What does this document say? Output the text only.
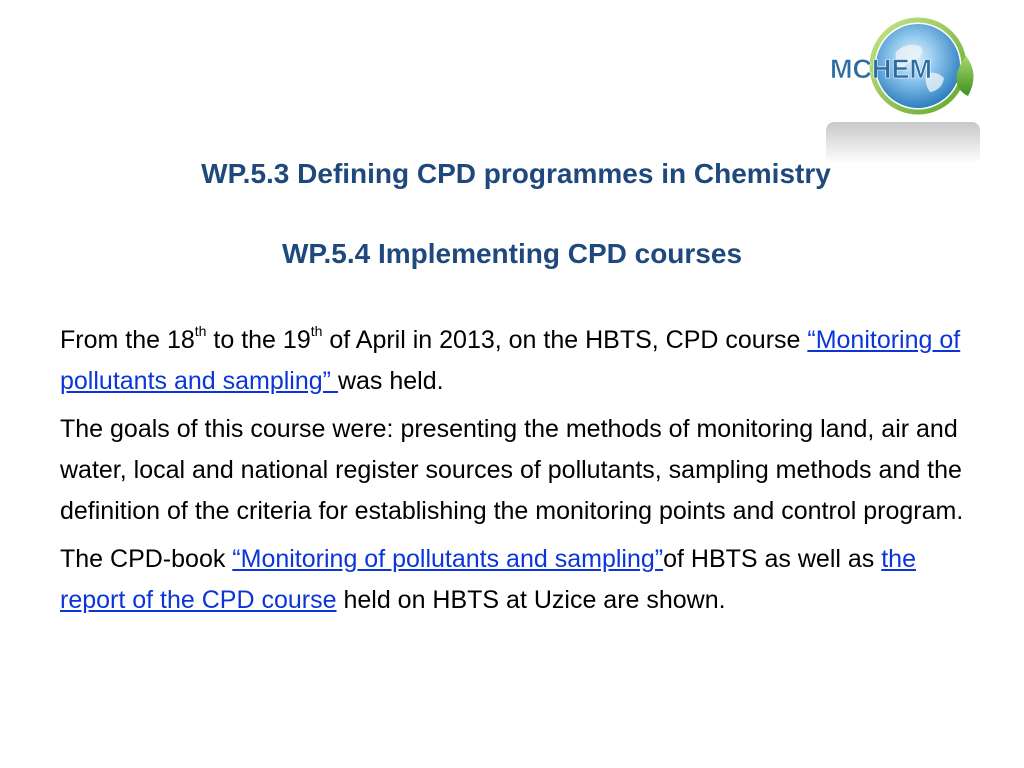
MCHEM
WP.5.3 Defining CPD programmes in Chemistry
WP.5.4 Implementing CPD courses

From the 18th to the 19th of April in 2013, on the HBTS, CPD course “Monitoring of pollutants and sampling” was held.

The goals of this course were: presenting the methods of monitoring land, air and water, local and national register sources of pollutants, sampling methods and the definition of the criteria for establishing the monitoring points and control program.

The CPD-book “Monitoring of pollutants and sampling”of HBTS as well as the report of the CPD course held on HBTS at Uzice are shown.
